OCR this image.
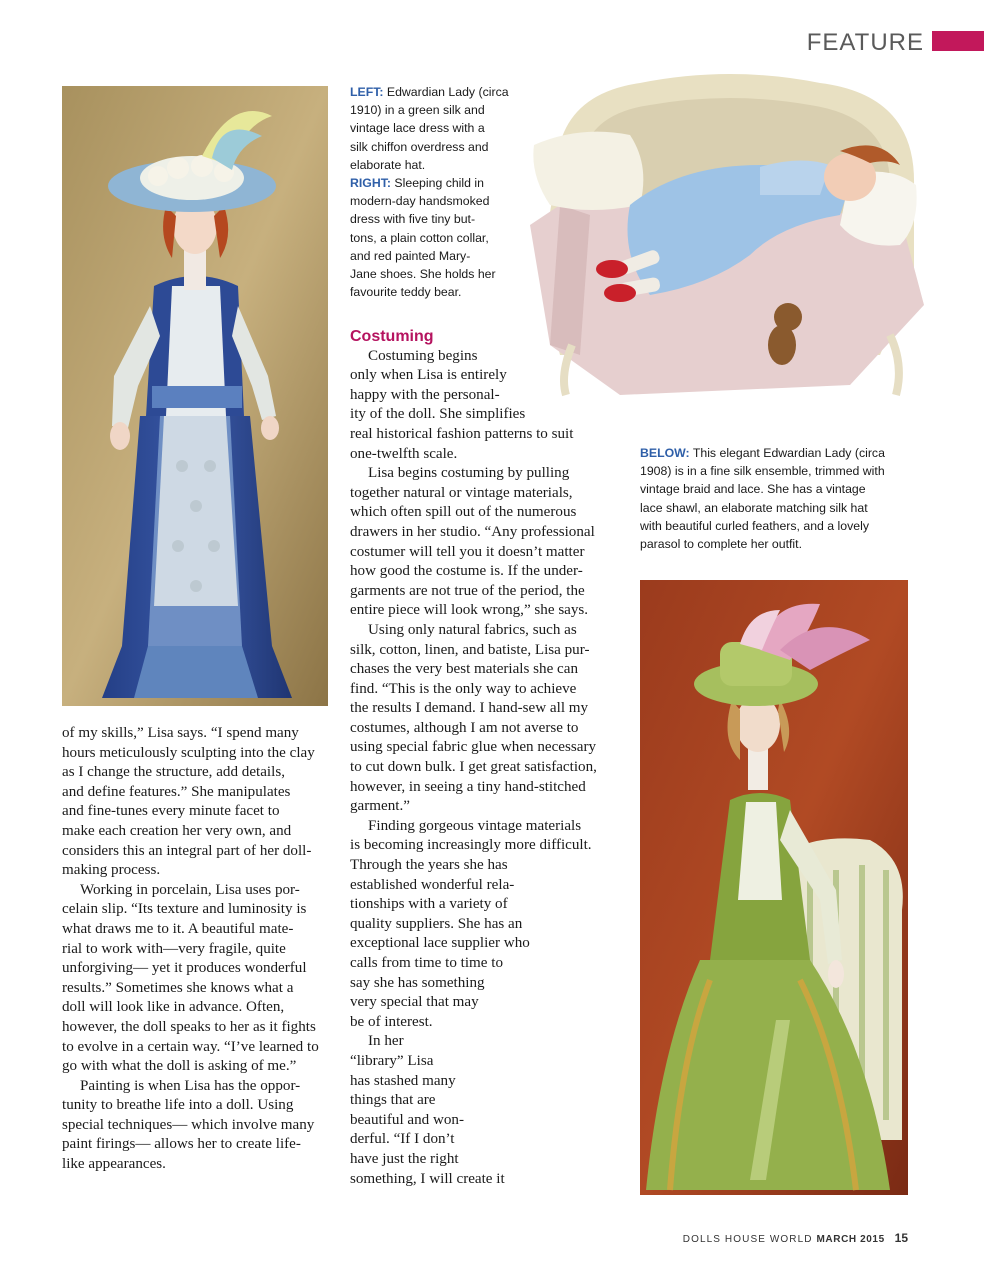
FEATURE
LEFT: Edwardian Lady (circa
1910) in a green silk and
vintage lace dress with a
silk chiffon overdress and
elaborate hat.
RIGHT: Sleeping child in
modern-day handsmoked
dress with five tiny but-
tons, a plain cotton collar,
and red painted Mary-
Jane shoes. She holds her
favourite teddy bear.
BELOW: This elegant Edwardian Lady (circa
1908) is in a fine silk ensemble, trimmed with
vintage braid and lace. She has a vintage
lace shawl, an elaborate matching silk hat
with beautiful curled feathers, and a lovely
parasol to complete her outfit.

of my skills,” Lisa says. “I spend many
hours meticulously sculpting into the clay
as I change the structure, add details,
and define features.” She manipulates
and fine-tunes every minute facet to
make each creation her very own, and
considers this an integral part of her doll-
making process.

Working in porcelain, Lisa uses por-
celain slip. “Its texture and luminosity is
what draws me to it. A beautiful mate-
rial to work with—very fragile, quite
unforgiving— yet it produces wonderful
results.” Sometimes she knows what a
doll will look like in advance. Often,
however, the doll speaks to her as it fights
to evolve in a certain way. “I’ve learned to
go with what the doll is asking of me.”

Painting is when Lisa has the oppor-
tunity to breathe life into a doll. Using
special techniques— which involve many
paint firings— allows her to create life-
like appearances.

Costuming

Costuming begins
only when Lisa is entirely
happy with the personal-
ity of the doll. She simplifies
real historical fashion patterns to suit
one-twelfth scale.

Lisa begins costuming by pulling
together natural or vintage materials,
which often spill out of the numerous
drawers in her studio. “Any professional
costumer will tell you it doesn’t matter
how good the costume is. If the under-
garments are not true of the period, the
entire piece will look wrong,” she says.

Using only natural fabrics, such as
silk, cotton, linen, and batiste, Lisa pur-
chases the very best materials she can
find. “This is the only way to achieve
the results I demand. I hand-sew all my
costumes, although I am not averse to
using special fabric glue when necessary
to cut down bulk. I get great satisfaction,
however, in seeing a tiny hand-stitched
garment.”

Finding gorgeous vintage materials
is becoming increasingly more difficult.
Through the years she has
established wonderful rela-
tionships with a variety of
quality suppliers. She has an
exceptional lace supplier who
calls from time to time to
say she has something
very special that may
be of interest.

In her
“library” Lisa
has stashed many
things that are
beautiful and won-
derful. “If I don’t
have just the right
something, I will create it

DOLLS HOUSE WORLD MARCH 2015 15
